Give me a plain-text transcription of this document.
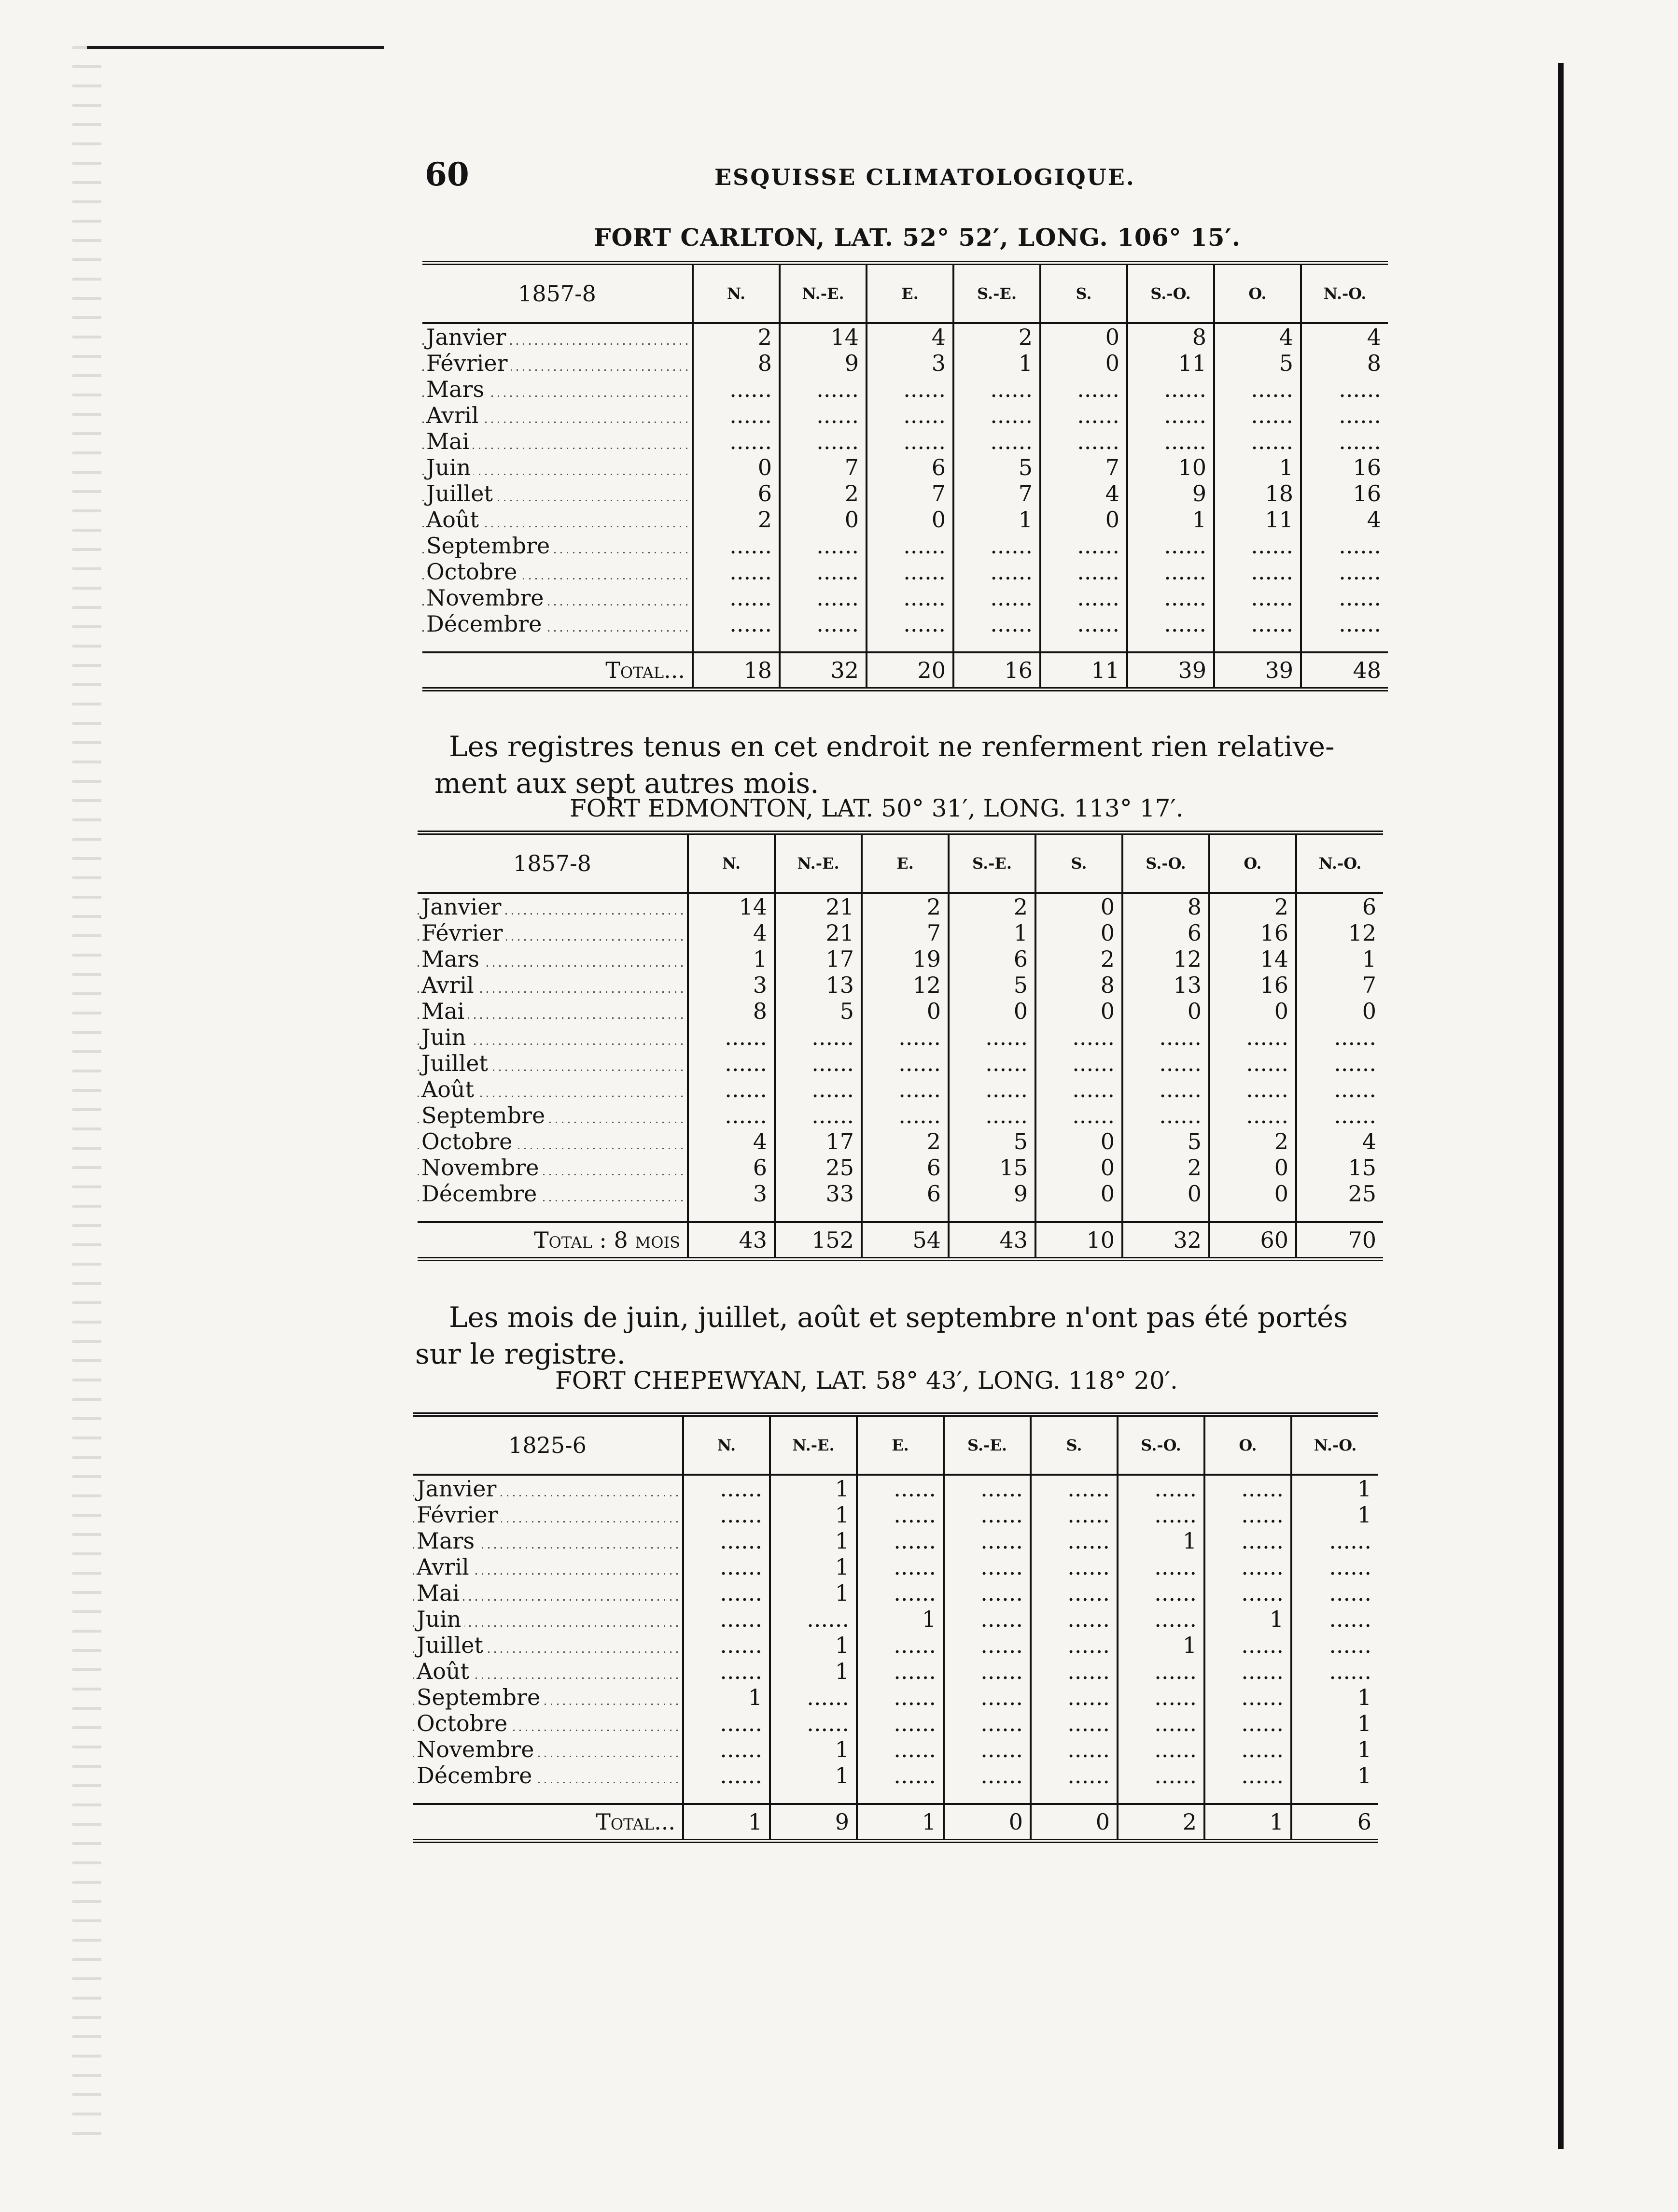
60	ESQUISSE CLIMATOLOGIQUE.
FORT CARLTON, LAT. 52° 52′, LONG. 106° 15′.
1857-8	N.	N.-E.	E.	S.-E.	S.	S.-O.	O.	N.-O.
Janvier	2	14	4	2	0	8	4	4
Février	8	9	3	1	0	11	5	8
Mars	......	......	......	......	......	......	......	......
Avril	......	......	......	......	......	......	......	......
Mai	......	......	......	......	......	......	......	......
Juin	0	7	6	5	7	10	1	16
Juillet	6	2	7	7	4	9	18	16
Août	2	0	0	1	0	1	11	4
Septembre	......	......	......	......	......	......	......	......
Octobre	......	......	......	......	......	......	......	......
Novembre	......	......	......	......	......	......	......	......
Décembre	......	......	......	......	......	......	......	......

Total...	18	32	20	16	11	39	39	48
Les registres tenus en cet endroit ne renferment rien relative-
ment aux sept autres mois.
FORT EDMONTON, LAT. 50° 31′, LONG. 113° 17′.
1857-8	N.	N.-E.	E.	S.-E.	S.	S.-O.	O.	N.-O.
Janvier	14	21	2	2	0	8	2	6
Février	4	21	7	1	0	6	16	12
Mars	1	17	19	6	2	12	14	1
Avril	3	13	12	5	8	13	16	7
Mai	8	5	0	0	0	0	0	0
Juin	......	......	......	......	......	......	......	......
Juillet	......	......	......	......	......	......	......	......
Août	......	......	......	......	......	......	......	......
Septembre	......	......	......	......	......	......	......	......
Octobre	4	17	2	5	0	5	2	4
Novembre	6	25	6	15	0	2	0	15
Décembre	3	33	6	9	0	0	0	25

Total : 8 mois	43	152	54	43	10	32	60	70
Les mois de juin, juillet, août et septembre n'ont pas été portés
sur le registre.
FORT CHEPEWYAN, LAT. 58° 43′, LONG. 118° 20′.
1825-6	N.	N.-E.	E.	S.-E.	S.	S.-O.	O.	N.-O.
Janvier	......	1	......	......	......	......	......	1
Février	......	1	......	......	......	......	......	1
Mars	......	1	......	......	......	1	......	......
Avril	......	1	......	......	......	......	......	......
Mai	......	1	......	......	......	......	......	......
Juin	......	......	1	......	......	......	1	......
Juillet	......	1	......	......	......	1	......	......
Août	......	1	......	......	......	......	......	......
Septembre	1	......	......	......	......	......	......	1
Octobre	......	......	......	......	......	......	......	1
Novembre	......	1	......	......	......	......	......	1
Décembre	......	1	......	......	......	......	......	1

Total...	1	9	1	0	0	2	1	6
